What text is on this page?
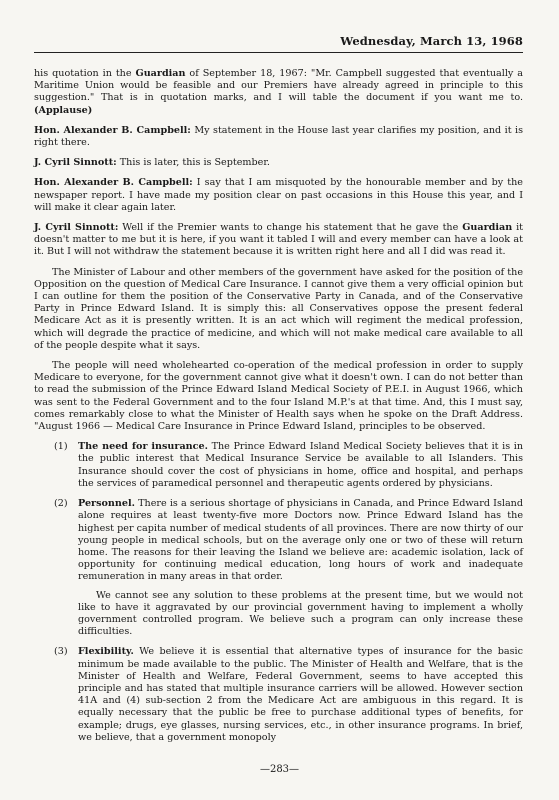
Wednesday, March 13, 1968

his quotation in the Guardian of September 18, 1967: "Mr. Campbell suggested that eventually a Maritime Union would be feasible and our Premiers have already agreed in principle to this suggestion." That is in quotation marks, and I will table the document if you want me to. (Applause)

Hon. Alexander B. Campbell: My statement in the House last year clarifies my position, and it is right there.

J. Cyril Sinnott: This is later, this is September.

Hon. Alexander B. Campbell: I say that I am misquoted by the honourable member and by the newspaper report. I have made my position clear on past occasions in this House this year, and I will make it clear again later.

J. Cyril Sinnott: Well if the Premier wants to change his statement that he gave the Guardian it doesn't matter to me but it is here, if you want it tabled I will and every member can have a look at it. But I will not withdraw the statement because it is written right here and all I did was read it.

The Minister of Labour and other members of the government have asked for the position of the Opposition on the question of Medical Care Insurance. I cannot give them a very official opinion but I can outline for them the position of the Conservative Party in Canada, and of the Conservative Party in Prince Edward Island. It is simply this: all Conservatives oppose the present federal Medicare Act as it is presently written. It is an act which will regiment the medical profession, which will degrade the practice of medicine, and which will not make medical care available to all of the people despite what it says.

The people will need wholehearted co-operation of the medical profession in order to supply Medicare to everyone, for the government cannot give what it doesn't own. I can do not better than to read the submission of the Prince Edward Island Medical Society of P.E.I. in August 1966, which was sent to the Federal Government and to the four Island M.P.'s at that time. And, this I must say, comes remarkably close to what the Minister of Health says when he spoke on the Draft Address. "August 1966 — Medical Care Insurance in Prince Edward Island, principles to be observed.

(1) The need for insurance. The Prince Edward Island Medical Society believes that it is in the public interest that Medical Insurance Service be available to all Islanders. This Insurance should cover the cost of physicians in home, office and hospital, and perhaps the services of paramedical personnel and therapeutic agents ordered by physicians.

(2) Personnel. There is a serious shortage of physicians in Canada, and Prince Edward Island alone requires at least twenty-five more Doctors now. Prince Edward Island has the highest per capita number of medical students of all provinces. There are now thirty of our young people in medical schools, but on the average only one or two of these will return home. The reasons for their leaving the Island we believe are: academic isolation, lack of opportunity for continuing medical education, long hours of work and inadequate remuneration in many areas in that order.

We cannot see any solution to these problems at the present time, but we would not like to have it aggravated by our provincial government having to implement a wholly government controlled program. We believe such a program can only increase these difficulties.

(3) Flexibility. We believe it is essential that alternative types of insurance for the basic minimum be made available to the public. The Minister of Health and Welfare, that is the Minister of Health and Welfare, Federal Government, seems to have accepted this principle and has stated that multiple insurance carriers will be allowed. However section 41A and (4) sub-section 2 from the Medicare Act are ambiguous in this regard. It is equally necessary that the public be free to purchase additional types of benefits, for example; drugs, eye glasses, nursing services, etc., in other insurance programs. In brief, we believe, that a government monopoly

—283—
